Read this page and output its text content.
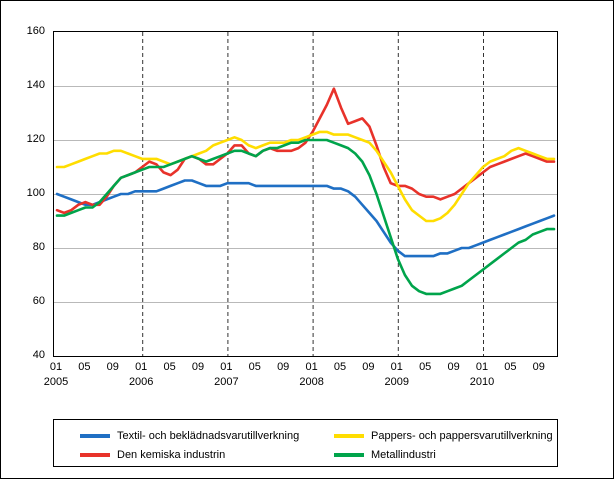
160
140
120
100
80
60
40
01	05	09	01	05	09	01	05	09	01	05	09	01	05	09	01	05	09
2005	2006	2007	2008	2009	2010
Textil- och beklädnadsvarutillverkning	Pappers- och pappersvarutillverkning
Den kemiska industrin	Metallindustri
